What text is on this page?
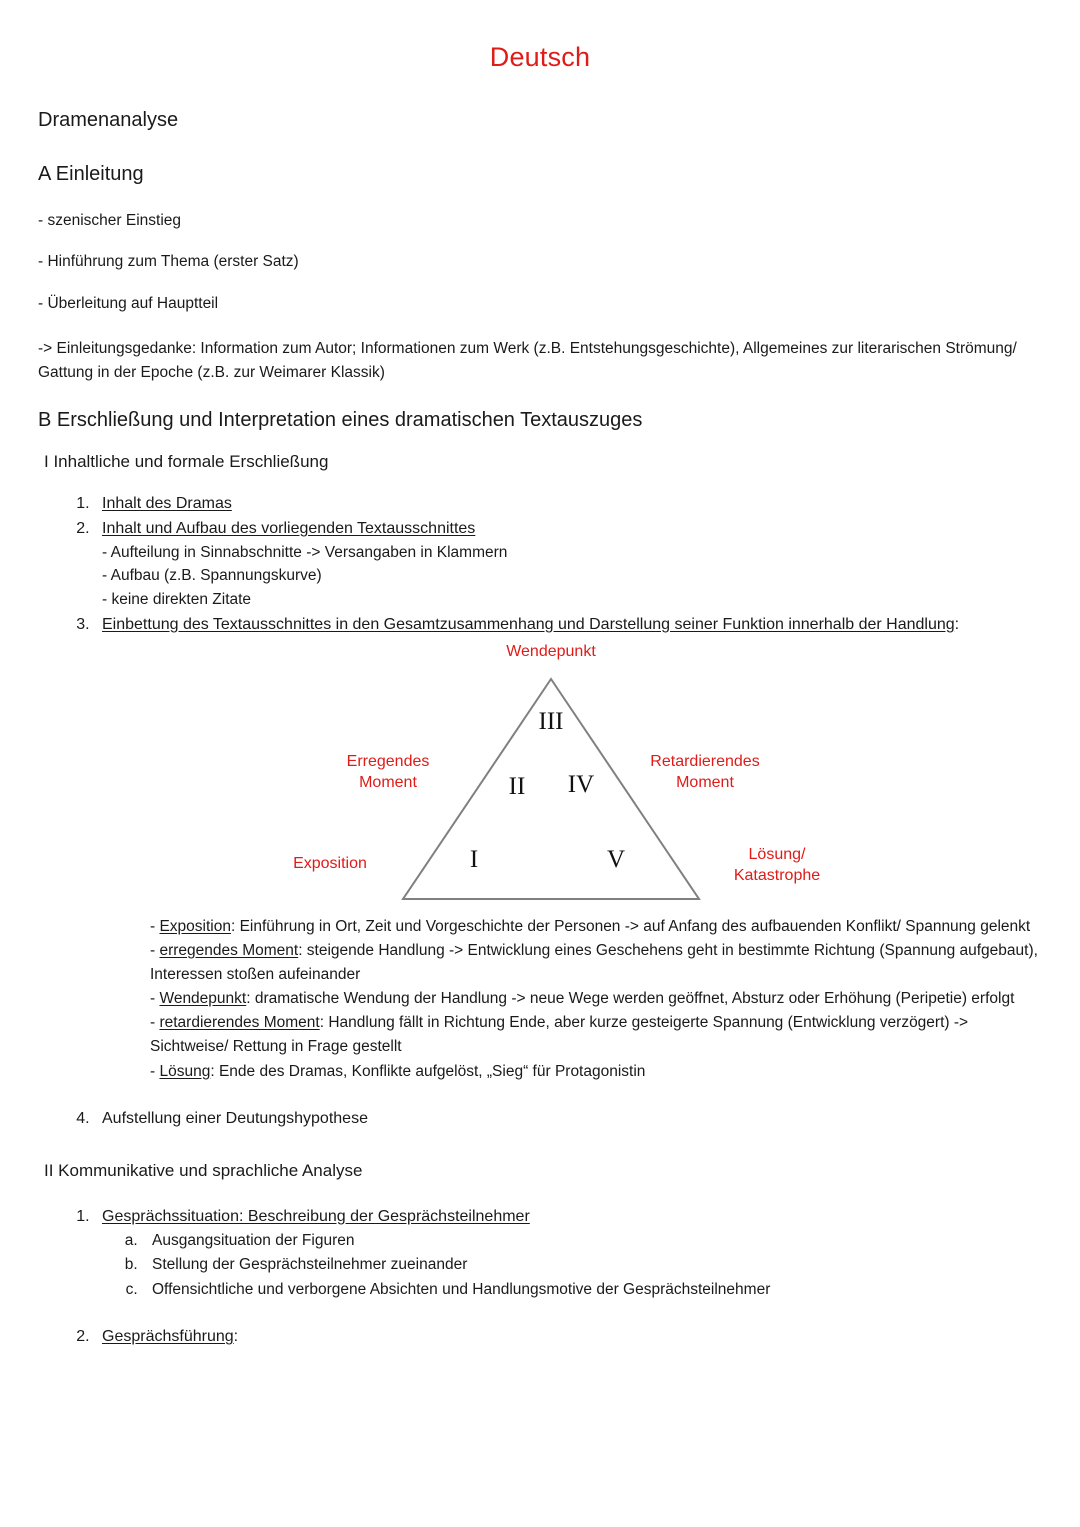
Deutsch
Dramenanalyse
A Einleitung
- szenischer Einstieg
- Hinführung zum Thema (erster Satz)
- Überleitung auf Hauptteil
-> Einleitungsgedanke: Information zum Autor; Informationen zum Werk (z.B. Entstehungsgeschichte), Allgemeines zur literarischen Strömung/ Gattung in der Epoche (z.B. zur Weimarer Klassik)
B Erschließung und Interpretation eines dramatischen Textauszuges
I Inhaltliche und formale Erschließung
1. Inhalt des Dramas
2. Inhalt und Aufbau des vorliegenden Textausschnittes
- Aufteilung in Sinnabschnitte -> Versangaben in Klammern
- Aufbau (z.B. Spannungskurve)
- keine direkten Zitate
3. Einbettung des Textausschnittes in den Gesamtzusammenhang und Darstellung seiner Funktion innerhalb der Handlung:
Wendepunkt
Erregendes
Moment
Retardierendes
Moment
Exposition
Lösung/
Katastrophe
III
II	IV
I	V

- Exposition: Einführung in Ort, Zeit und Vorgeschichte der Personen -> auf Anfang des aufbauenden Konflikt/ Spannung gelenkt

- erregendes Moment: steigende Handlung -> Entwicklung eines Geschehens geht in bestimmte Richtung (Spannung aufgebaut), Interessen stoßen aufeinander

- Wendepunkt: dramatische Wendung der Handlung -> neue Wege werden geöffnet, Absturz oder Erhöhung (Peripetie) erfolgt

- retardierendes Moment: Handlung fällt in Richtung Ende, aber kurze gesteigerte Spannung (Entwicklung verzögert) -> Sichtweise/ Rettung in Frage gestellt

- Lösung: Ende des Dramas, Konflikte aufgelöst, „Sieg“ für Protagonistin

4. Aufstellung einer Deutungshypothese
II Kommunikative und sprachliche Analyse
1. Gesprächssituation: Beschreibung der Gesprächsteilnehmer
a. Ausgangsituation der Figuren
b. Stellung der Gesprächsteilnehmer zueinander
c. Offensichtliche und verborgene Absichten und Handlungsmotive der Gesprächsteilnehmer
2. Gesprächsführung:
